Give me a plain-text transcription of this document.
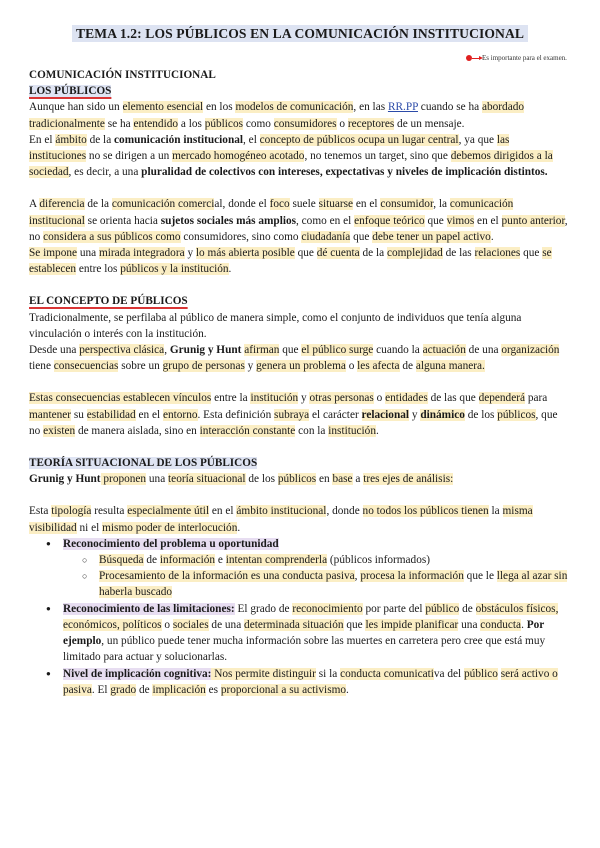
TEMA 1.2: LOS PÚBLICOS EN LA COMUNICACIÓN INSTITUCIONAL
Es importante para el examen.

COMUNICACIÓN INSTITUCIONAL

LOS PÚBLICOS

Aunque han sido un elemento esencial en los modelos de comunicación, en las RR.PP cuando se ha abordado tradicionalmente se ha entendido a los públicos como consumidores o receptores de un mensaje.

En el ámbito de la comunicación institucional, el concepto de públicos ocupa un lugar central, ya que las instituciones no se dirigen a un mercado homogéneo acotado, no tenemos un target, sino que debemos dirigidos a la sociedad, es decir, a una pluralidad de colectivos con intereses, expectativas y niveles de implicación distintos.

A diferencia de la comunicación comercial, donde el foco suele situarse en el consumidor, la comunicación institucional se orienta hacia sujetos sociales más amplios, como en el enfoque teórico que vimos en el punto anterior, no considera a sus públicos como consumidores, sino como ciudadanía que debe tener un papel activo.

Se impone una mirada integradora y lo más abierta posible que dé cuenta de la complejidad de las relaciones que se establecen entre los públicos y la institución.

EL CONCEPTO DE PÚBLICOS

Tradicionalmente, se perfilaba al público de manera simple, como el conjunto de individuos que tenía alguna vinculación o interés con la institución.

Desde una perspectiva clásica, Grunig y Hunt afirman que el público surge cuando la actuación de una organización tiene consecuencias sobre un grupo de personas y genera un problema o les afecta de alguna manera.

Estas consecuencias establecen vínculos entre la institución y otras personas o entidades de las que dependerá para mantener su estabilidad en el entorno. Esta definición subraya el carácter relacional y dinámico de los públicos, que no existen de manera aislada, sino en interacción constante con la institución.

TEORÍA SITUACIONAL DE LOS PÚBLICOS

Grunig y Hunt proponen una teoría situacional de los públicos en base a tres ejes de análisis:

Esta tipología resulta especialmente útil en el ámbito institucional, donde no todos los públicos tienen la misma visibilidad ni el mismo poder de interlocución.

● Reconocimiento del problema u oportunidad
○ Búsqueda de información e intentan comprenderla (públicos informados)
○ Procesamiento de la información es una conducta pasiva, procesa la información que le llega al azar sin haberla buscado
● Reconocimiento de las limitaciones: El grado de reconocimiento por parte del público de obstáculos físicos, económicos, políticos o sociales de una determinada situación que les impide planificar una conducta. Por ejemplo, un público puede tener mucha información sobre las muertes en carretera pero cree que está muy limitado para actuar y solucionarlas.
● Nivel de implicación cognitiva: Nos permite distinguir si la conducta comunicativa del público será activo o pasiva. El grado de implicación es proporcional a su activismo.
